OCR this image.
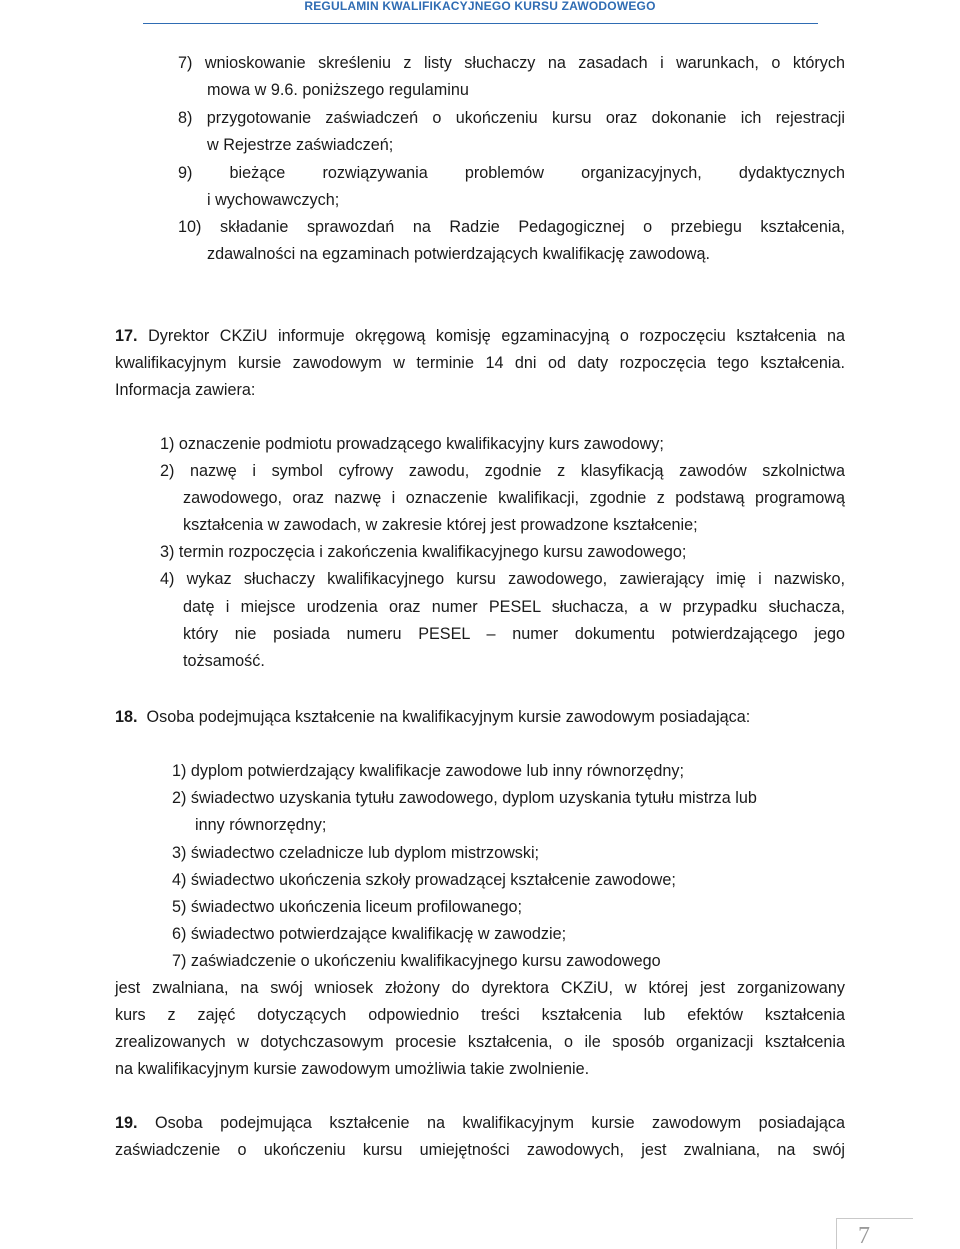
REGULAMIN KWALIFIKACYJNEGO KURSU ZAWODOWEGO
7) wnioskowanie skreśleniu z listy słuchaczy na zasadach i warunkach, o których
mowa w 9.6. poniższego regulaminu
8) przygotowanie zaświadczeń o ukończeniu kursu oraz dokonanie ich rejestracji
w Rejestrze zaświadczeń;
9) bieżące rozwiązywania problemów organizacyjnych, dydaktycznych
i wychowawczych;
10) składanie sprawozdań na Radzie Pedagogicznej o przebiegu kształcenia,
zdawalności na egzaminach potwierdzających kwalifikację zawodową.
17. Dyrektor CKZiU informuje okręgową komisję egzaminacyjną o rozpoczęciu kształcenia na
kwalifikacyjnym kursie zawodowym w terminie 14 dni od daty rozpoczęcia tego kształcenia.
Informacja zawiera:
1) oznaczenie podmiotu prowadzącego kwalifikacyjny kurs zawodowy;
2) nazwę i symbol cyfrowy zawodu, zgodnie z klasyfikacją zawodów szkolnictwa
zawodowego, oraz nazwę i oznaczenie kwalifikacji, zgodnie z podstawą programową
kształcenia w zawodach, w zakresie której jest prowadzone kształcenie;
3) termin rozpoczęcia i zakończenia kwalifikacyjnego kursu zawodowego;
4) wykaz słuchaczy kwalifikacyjnego kursu zawodowego, zawierający imię i nazwisko,
datę i miejsce urodzenia oraz numer PESEL słuchacza, a w przypadku słuchacza,
który nie posiada numeru PESEL – numer dokumentu potwierdzającego jego
tożsamość.
18. Osoba podejmująca kształcenie na kwalifikacyjnym kursie zawodowym posiadająca:
1) dyplom potwierdzający kwalifikacje zawodowe lub inny równorzędny;
2) świadectwo uzyskania tytułu zawodowego, dyplom uzyskania tytułu mistrza lub
inny równorzędny;
3) świadectwo czeladnicze lub dyplom mistrzowski;
4) świadectwo ukończenia szkoły prowadzącej kształcenie zawodowe;
5) świadectwo ukończenia liceum profilowanego;
6) świadectwo potwierdzające kwalifikację w zawodzie;
7) zaświadczenie o ukończeniu kwalifikacyjnego kursu zawodowego
jest zwalniana, na swój wniosek złożony do dyrektora CKZiU, w której jest zorganizowany
kurs z zajęć dotyczących odpowiednio treści kształcenia lub efektów kształcenia
zrealizowanych w dotychczasowym procesie kształcenia, o ile sposób organizacji kształcenia
na kwalifikacyjnym kursie zawodowym umożliwia takie zwolnienie.
19. Osoba podejmująca kształcenie na kwalifikacyjnym kursie zawodowym posiadająca
zaświadczenie o ukończeniu kursu umiejętności zawodowych, jest zwalniana, na swój
7
